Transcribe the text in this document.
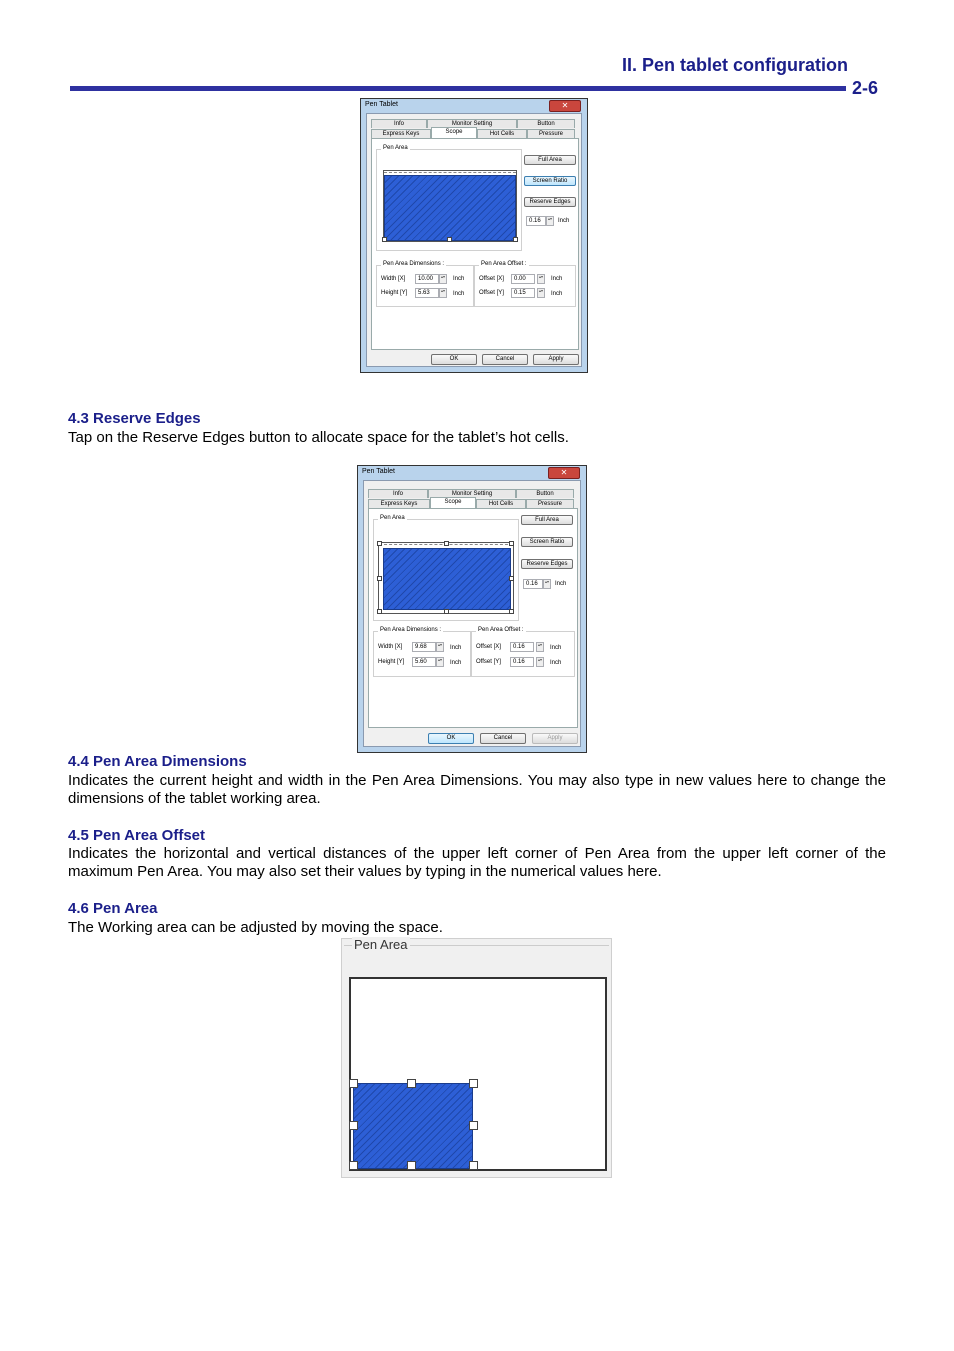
II. Pen tablet configuration
2-6
Pen Tablet	✕
Info	Monitor Setting	Button
Express Keys	Scope	Hot Cells	Pressure
Pen Area
Full Area
Screen Ratio
Reserve Edges
0.16	▴▾	Inch
Pen Area Dimensions :
Width [X]	10.00	▴▾	Inch
Height [Y]	5.63	▴▾
Inch
Pen Area Offset :
Offset [X]	0.00	▴▾	Inch
Offset [Y]	0.15	▴▾
Inch
OK	Cancel	Apply
4.3 Reserve Edges
Tap on the Reserve Edges button to allocate space for the tablet’s hot cells.
Pen Tablet	✕
Info	Monitor Setting	Button
Express Keys	Scope	Hot Cells	Pressure
Pen Area	Full Area
Screen Ratio
Reserve Edges
0.16	▴▾	Inch
Pen Area Dimensions :
Width [X]	9.68	▴▾
Inch
Height [Y]	5.60	▴▾
Inch
Pen Area Offset :
Offset [X]	0.16	▴▾
Inch
Offset [Y]	0.16	▴▾
Inch
OK	Cancel	Apply
4.4 Pen Area Dimensions
Indicates the current height and width in the Pen Area Dimensions. You may also type in new values here to change the dimensions of the tablet working area.
4.5 Pen Area Offset
Indicates the horizontal and vertical distances of the upper left corner of Pen Area from the upper left corner of the maximum Pen Area. You may also set their values by typing in the numerical values here.
4.6 Pen Area
The Working area can be adjusted by moving the space.
Pen Area
